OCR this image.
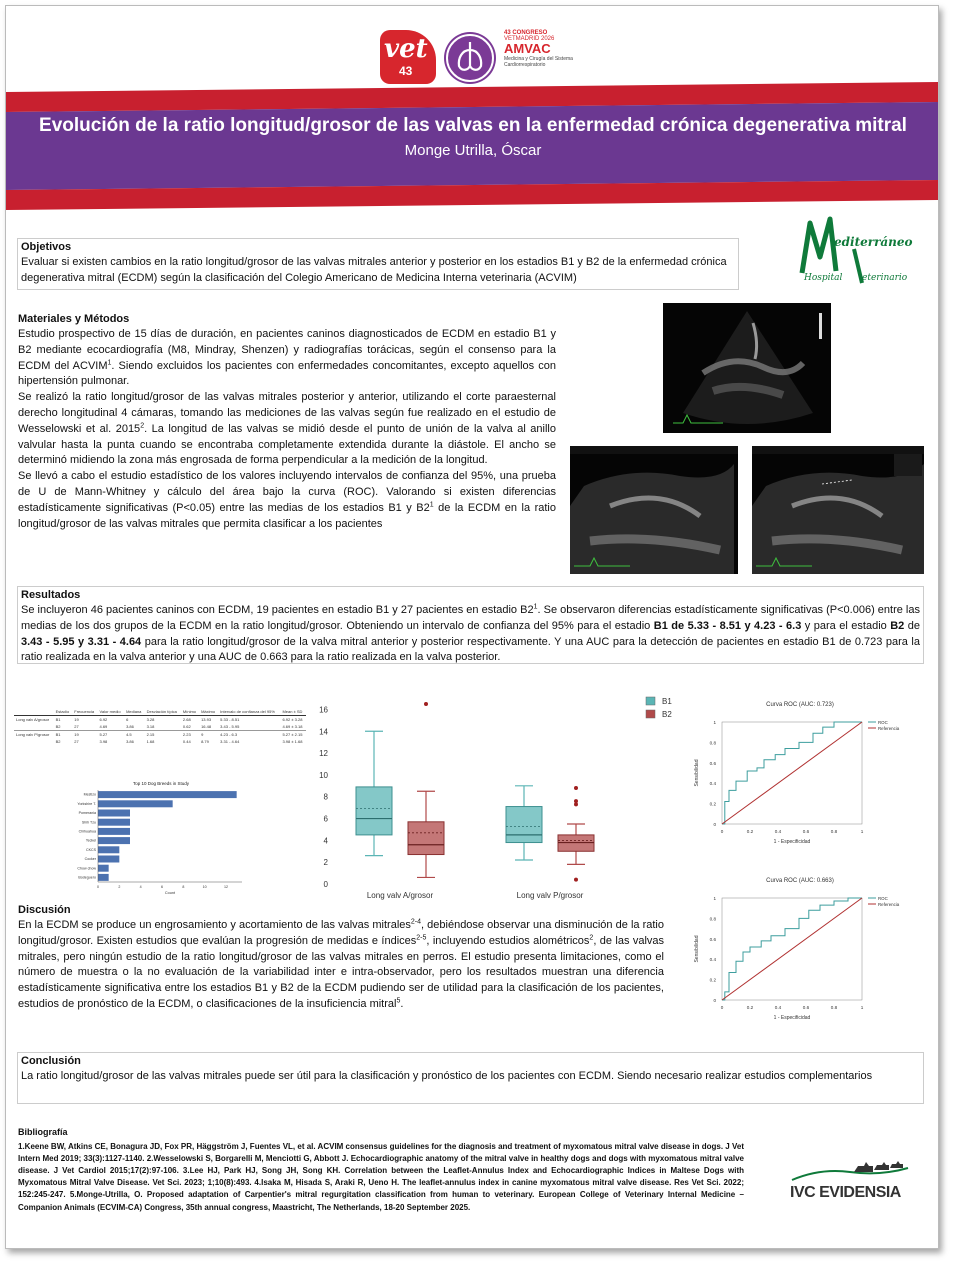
vet
43
43 CONGRESO
VETMADRID 2026
AMVAC
Medicina y Cirugía del Sistema Cardiorrespiratorio
Evolución de la ratio longitud/grosor de las valvas en la enfermedad crónica degenerativa mitral
Monge Utrilla, Óscar
editerráneo
Hospital eterinario
Objetivos
Evaluar si existen cambios en la ratio longitud/grosor de las valvas mitrales anterior y posterior en los estadios B1 y B2 de la enfermedad crónica degenerativa mitral (ECDM) según la clasificación del Colegio Americano de Medicina Interna veterinaria (ACVIM)
Materiales y Métodos
Estudio prospectivo de 15 días de duración, en pacientes caninos diagnosticados de ECDM en estadio B1 y B2 mediante ecocardiografía (M8, Mindray, Shenzen) y radiografías torácicas, según el consenso para la ECDM del ACVIM$^1$. Siendo excluidos los pacientes con enfermedades concomitantes, excepto aquellos con hipertensión pulmonar.
Se realizó la ratio longitud/grosor de las valvas mitrales posterior y anterior, utilizando el corte paraesternal derecho longitudinal 4 cámaras, tomando las mediciones de las valvas según fue realizado en el estudio de Wesselowski et al. 2015$^2$. La longitud de las valvas se midió desde el punto de unión de la valva al anillo valvular hasta la punta cuando se encontraba completamente extendida durante la diástole. El ancho se determinó midiendo la zona más engrosada de forma perpendicular a la medición de la longitud.
Se llevó a cabo el estudio estadístico de los valores incluyendo intervalos de confianza del 95%, una prueba de U de Mann-Whitney y cálculo del área bajo la curva (ROC). Valorando si existen diferencias estadísticamente significativas (P<0.05) entre las medias de los estadios B1 y $B2^1$ de la ECDM en la ratio longitud/grosor de las valvas mitrales que permita clasificar a los pacientes
Resultados
Se incluyeron 46 pacientes caninos con ECDM, 19 pacientes en estadio B1 y 27 pacientes en estadio $B2^1$. Se observaron diferencias estadísticamente significativas (P<0.006) entre las medias de los dos grupos de la ECDM en la ratio longitud/grosor. Obteniendo un intervalo de confianza del 95% para el estadio B1 de 5.33 - 8.51 y 4.23 - 6.3 y para el estadio B2 de 3.43 - 5.95 y 3.31 - 4.64 para la ratio longitud/grosor de la valva mitral anterior y posterior respectivamente. Y una AUC para la detección de pacientes en estadio B1 de 0.723 para la ratio realizada en la valva anterior y una AUC de 0.663 para la ratio realizada en la valva posterior.
	Estadío	Frecuencia	Valor medio	Mediana	Desviación típica	Mínimo	Máximo	Intervalo de confianza del 95%	Mean ± SD
Long valv A/grosor	B1	19	6.92	6	3.28	2.68	13.93	5.33 - 8.51	6.92 ± 3.28
	B2	27	4.69	3.86	3.18	0.62	16.48	3.43 - 5.95	4.69 ± 3.18
Long valv P/grosor	B1	19	5.27	4.5	2.15	2.23	9	4.23 - 6.3	5.27 ± 2.15
	B2	27	3.98	3.86	1.68	0.44	8.79	3.31 - 4.64	3.98 ± 1.68
Top 10 Dog Breeds in Study
Mestizo
Yorkshire T.
Pomerania
Shih Tzu
Chihuahua
Teckel
CKCS
Cocker
Chow chow
Bodeguero
0	2	4	6	8	10	12
Count
0
2
4
6
8
10
12
14
16
Long valv A/grosor	Long valv P/grosor
B1
B2
Curva ROC (AUC: 0.723)
0
0
0.2
0.2
0.4
0.4
0.6
0.6
0.8
0.8
1
1
1 - Especificidad
Sensibilidad
ROC
Referencia
Curva ROC (AUC: 0.663)
0
0
0.2
0.2
0.4
0.4
0.6
0.6
0.8
0.8
1
1
1 - Especificidad
Sensibilidad
ROC
Referencia
Discusión
En la ECDM se produce un engrosamiento y acortamiento de las valvas mitrales$^{2-4}$, debiéndose observar una disminución de la ratio longitud/grosor. Existen estudios que evalúan la progresión de medidas e índices$^{2-5}$, incluyendo estudios alométricos$^2$, de las valvas mitrales, pero ningún estudio de la ratio longitud/grosor de las valvas mitrales en perros. El estudio presenta limitaciones, como el número de muestra o la no evaluación de la variabilidad inter e intra-observador, pero los resultados muestran una diferencia estadísticamente significativa entre los estadios B1 y B2 de la ECDM pudiendo ser de utilidad para la clasificación de los pacientes, estudios de pronóstico de la ECDM, o clasificaciones de la insuficiencia mitral$^5$.
Conclusión
La ratio longitud/grosor de las valvas mitrales puede ser útil para la clasificación y pronóstico de los pacientes con ECDM. Siendo necesario realizar estudios complementarios
Bibliografía
1.Keene BW, Atkins CE, Bonagura JD, Fox PR, Häggström J, Fuentes VL, et al. ACVIM consensus guidelines for the diagnosis and treatment of myxomatous mitral valve disease in dogs. J Vet Intern Med 2019; 33(3):1127-1140. 2.Wesselowski S, Borgarelli M, Menciotti G, Abbott J. Echocardiographic anatomy of the mitral valve in healthy dogs and dogs with myxomatous mitral valve disease. J Vet Cardiol 2015;17(2):97-106. 3.Lee HJ, Park HJ, Song JH, Song KH. Correlation between the Leaflet-Annulus Index and Echocardiographic Indices in Maltese Dogs with Myxomatous Mitral Valve Disease. Vet Sci. 2023; 1;10(8):493. 4.Isaka M, Hisada S, Araki R, Ueno H. The leaflet-annulus index in canine myxomatous mitral valve disease. Res Vet Sci. 2022; 152:245-247. 5.Monge-Utrilla, O. Proposed adaptation of Carpentier's mitral regurgitation classification from human to veterinary. European College of Veterinary Internal Medicine – Companion Animals (ECVIM-CA) Congress, 35th annual congress, Maastricht, The Netherlands, 18-20 September 2025.
IVC EVIDENSIA
